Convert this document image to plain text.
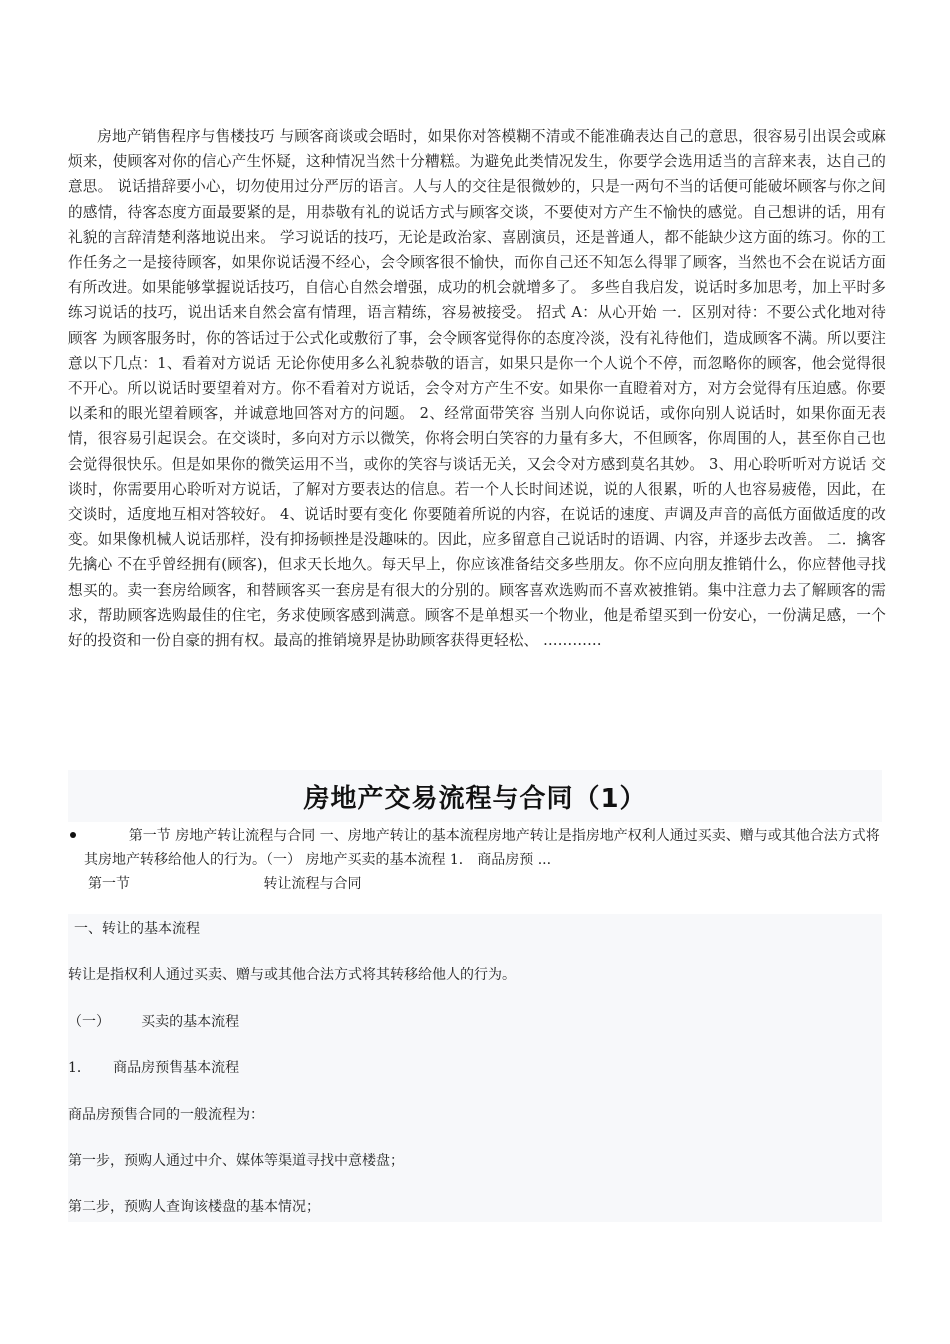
房地产销售程序与售楼技巧 与顾客商谈或会晤时，如果你对答模糊不清或不能准确表达自己的意思，很容易引出误会或麻烦来，使顾客对你的信心产生怀疑，这种情况当然十分糟糕。为避免此类情况发生，你要学会选用适当的言辞来表，达自己的意思。 说话措辞要小心，切勿使用过分严厉的语言。人与人的交往是很微妙的，只是一两句不当的话便可能破坏顾客与你之间的感情，待客态度方面最要紧的是，用恭敬有礼的说话方式与顾客交谈，不要使对方产生不愉快的感觉。自己想讲的话，用有礼貌的言辞清楚利落地说出来。 学习说话的技巧，无论是政治家、喜剧演员，还是普通人，都不能缺少这方面的练习。你的工作任务之一是接待顾客，如果你说话漫不经心，会令顾客很不愉快，而你自己还不知怎么得罪了顾客，当然也不会在说话方面有所改进。如果能够掌握说话技巧，自信心自然会增强，成功的机会就增多了。 多些自我启发，说话时多加思考，加上平时多练习说话的技巧，说出话来自然会富有情理，语言精练，容易被接受。 招式 A：从心开始 一．区别对待：不要公式化地对待顾客 为顾客服务时，你的答话过于公式化或敷衍了事，会令顾客觉得你的态度冷淡，没有礼待他们，造成顾客不满。所以要注意以下几点：1、看着对方说话 无论你使用多么礼貌恭敬的语言，如果只是你一个人说个不停，而忽略你的顾客，他会觉得很不开心。所以说话时要望着对方。你不看着对方说话，会令对方产生不安。如果你一直瞪着对方，对方会觉得有压迫感。你要以柔和的眼光望着顾客，并诚意地回答对方的问题。 2、经常面带笑容 当别人向你说话，或你向别人说话时，如果你面无表情，很容易引起误会。在交谈时，多向对方示以微笑，你将会明白笑容的力量有多大，不但顾客，你周围的人，甚至你自己也会觉得很快乐。但是如果你的微笑运用不当，或你的笑容与谈话无关，又会令对方感到莫名其妙。 3、用心聆听听对方说话 交谈时，你需要用心聆听对方说话，了解对方要表达的信息。若一个人长时间述说，说的人很累，听的人也容易疲倦，因此，在交谈时，适度地互相对答较好。 4、说话时要有变化 你要随着所说的内容，在说话的速度、声调及声音的高低方面做适度的改变。如果像机械人说话那样，没有抑扬顿挫是没趣味的。因此，应多留意自己说话时的语调、内容，并逐步去改善。 二．擒客先擒心 不在乎曾经拥有(顾客)，但求天长地久。每天早上，你应该准备结交多些朋友。你不应向朋友推销什么，你应替他寻找想买的。卖一套房给顾客，和替顾客买一套房是有很大的分别的。顾客喜欢选购而不喜欢被推销。集中注意力去了解顾客的需求，帮助顾客选购最佳的住宅，务求使顾客感到满意。顾客不是单想买一个物业，他是希望买到一份安心，一份满足感，一个好的投资和一份自豪的拥有权。最高的推销境界是协助顾客获得更轻松、 …………

房地产交易流程与合同（1）
第一节 房地产转让流程与合同 一、房地产转让的基本流程房地产转让是指房地产权利人通过买卖、赠与或其他合法方式将其房地产转移给他人的行为。（一） 房地产买卖的基本流程 1． 商品房预 ...
第一节                              转让流程与合同
一、转让的基本流程
转让是指权利人通过买卖、赠与或其他合法方式将其转移给他人的行为。
（一）       买卖的基本流程
1．     商品房预售基本流程
商品房预售合同的一般流程为：
第一步，预购人通过中介、媒体等渠道寻找中意楼盘；
第二步，预购人查询该楼盘的基本情况；
